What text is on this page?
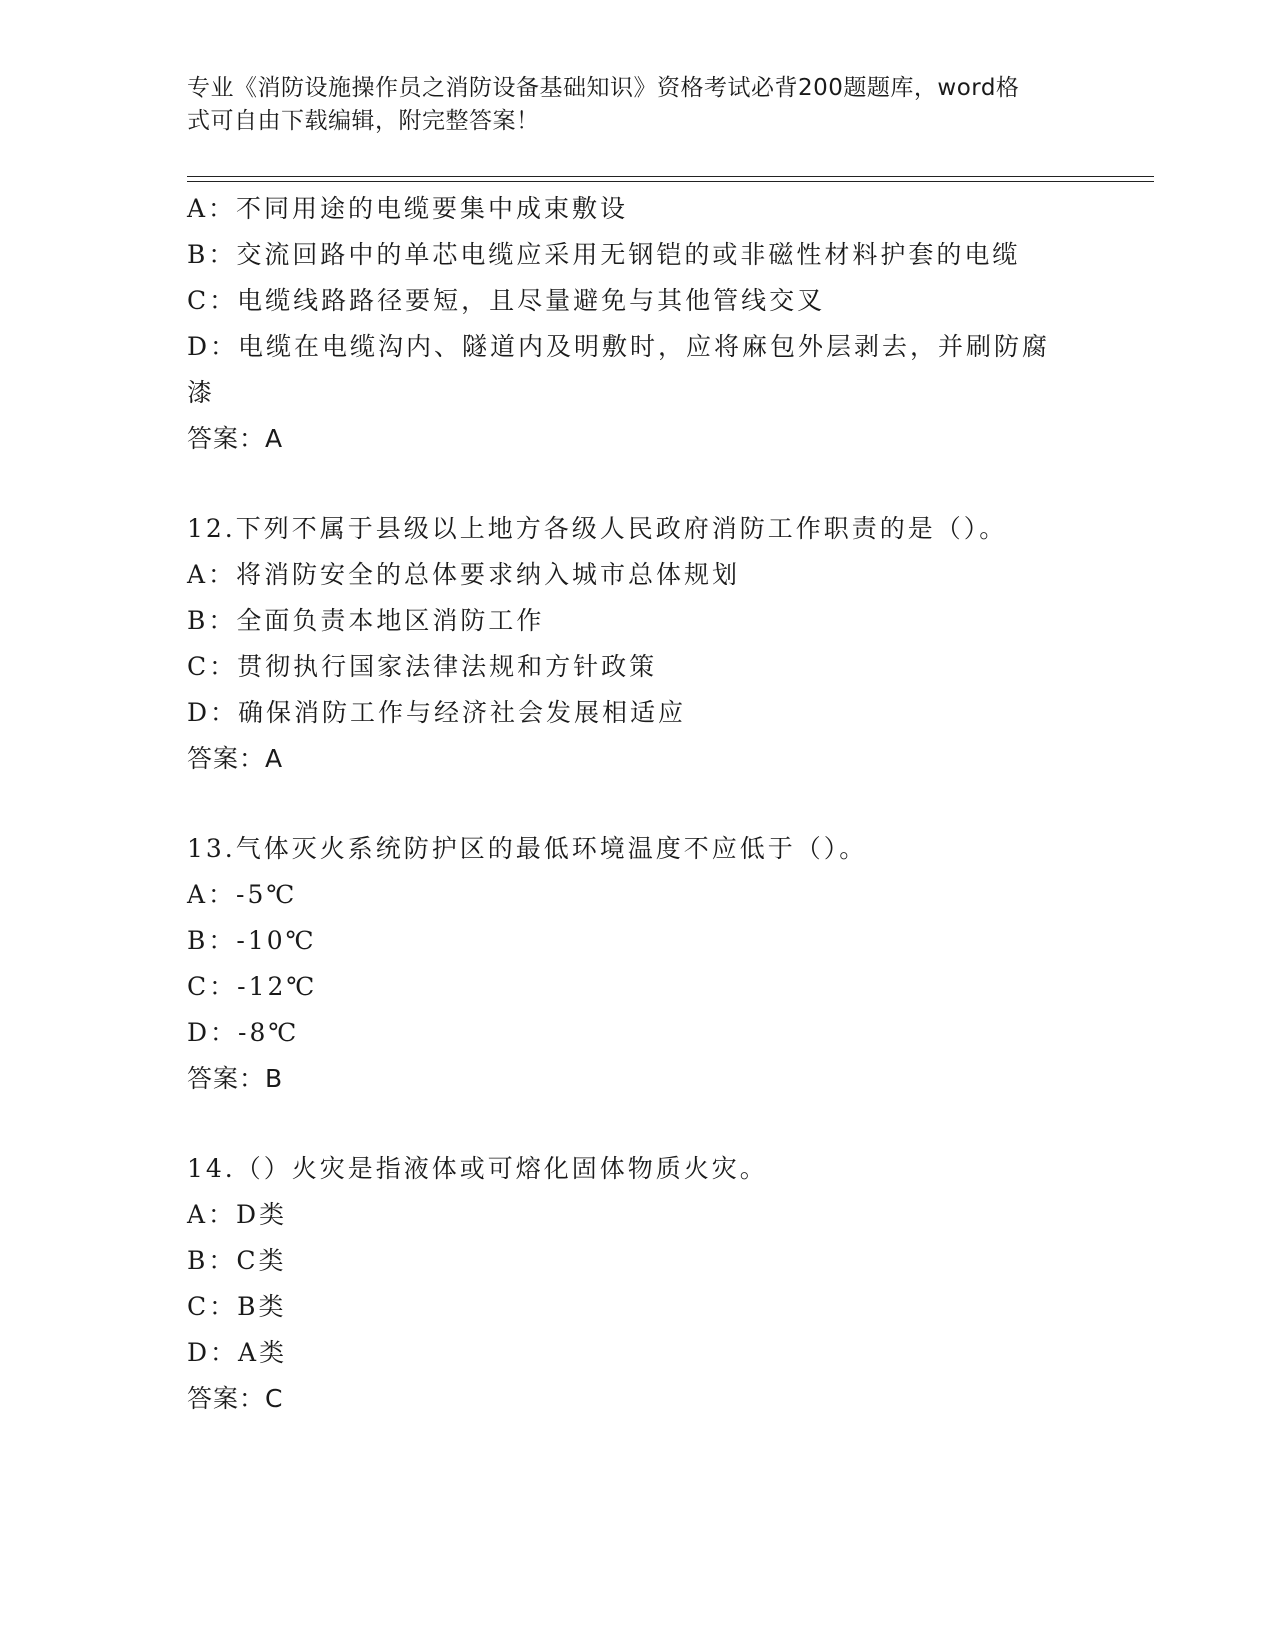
专业《消防设施操作员之消防设备基础知识》资格考试必背200题题库，word格
式可自由下载编辑，附完整答案！
A：不同用途的电缆要集中成束敷设
B：交流回路中的单芯电缆应采用无钢铠的或非磁性材料护套的电缆
C：电缆线路路径要短，且尽量避免与其他管线交叉
D：电缆在电缆沟内、隧道内及明敷时，应将麻包外层剥去，并刷防腐
漆
答案：A
12.下列不属于县级以上地方各级人民政府消防工作职责的是（）。
A：将消防安全的总体要求纳入城市总体规划
B：全面负责本地区消防工作
C：贯彻执行国家法律法规和方针政策
D：确保消防工作与经济社会发展相适应
答案：A
13.气体灭火系统防护区的最低环境温度不应低于（）。
A：-5℃
B：-10℃
C：-12℃
D：-8℃
答案：B
14.（）火灾是指液体或可熔化固体物质火灾。
A：D类
B：C类
C：B类
D：A类
答案：C
